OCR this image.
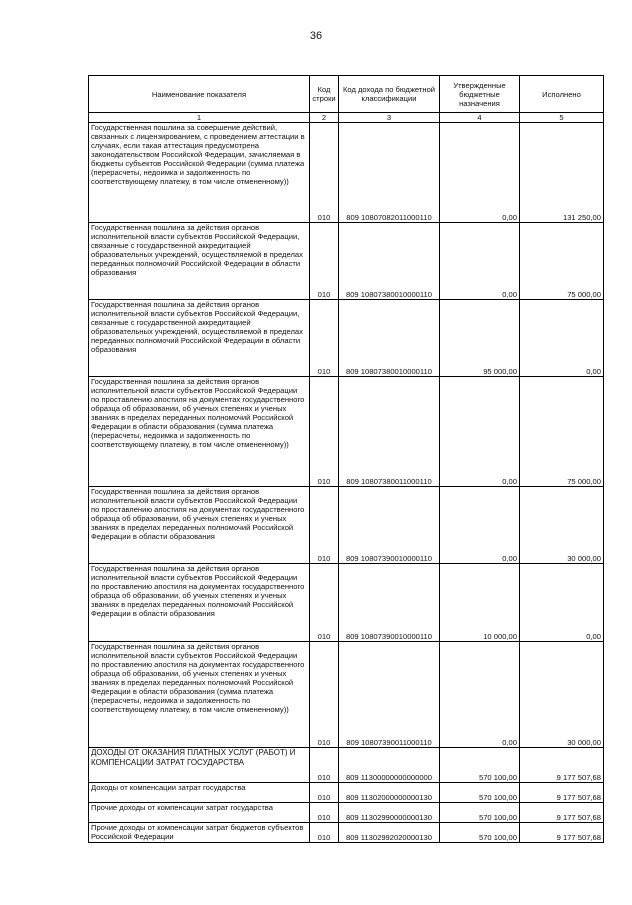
36
Наименование показателя	Код строки	Код дохода по бюджетной классификации	Утвержденные бюджетные назначения	Исполнено
1	2	3	4	5
Государственная пошлина за совершение действий, связанных с лицензированием, с проведением аттестации в случаях, если такая аттестация предусмотрена законодательством Российской Федерации, зачисляемая в бюджеты субъектов Российской Федерации (сумма платежа (перерасчеты, недоимка и задолженность по соответствующему платежу, в том числе отмененному))	010	809 10807082011000110	0,00	131 250,00
Государственная пошлина за действия органов исполнительной власти субъектов Российской Федерации, связанные с государственной аккредитацией образовательных учреждений, осуществляемой в пределах переданных полномочий Российской Федерации в области образования	010	809 10807380010000110	0,00	75 000,00
Государственная пошлина за действия органов исполнительной власти субъектов Российской Федерации, связанные с государственной аккредитацией образовательных учреждений, осуществляемой в пределах переданных полномочий Российской Федерации в области образования	010	809 10807380010000110	95 000,00	0,00
Государственная пошлина за действия органов исполнительной власти субъектов Российской Федерации по проставлению апостиля на документах государственного образца об образовании, об ученых степенях и ученых званиях в пределах переданных полномочий Российской Федерации в области образования (сумма платежа (перерасчеты, недоимка и задолженность по соответствующему платежу, в том числе отмененному))	010	809 10807380011000110	0,00	75 000,00
Государственная пошлина за действия органов исполнительной власти субъектов Российской Федерации по проставлению апостиля на документах государственного образца об образовании, об ученых степенях и ученых званиях в пределах переданных полномочий Российской Федерации в области образования	010	809 10807390010000110	0,00	30 000,00
Государственная пошлина за действия органов исполнительной власти субъектов Российской Федерации по проставлению апостиля на документах государственного образца об образовании, об ученых степенях и ученых званиях в пределах переданных полномочий Российской Федерации в области образования	010	809 10807390010000110	10 000,00	0,00
Государственная пошлина за действия органов исполнительной власти субъектов Российской Федерации по проставлению апостиля на документах государственного образца об образовании, об ученых степенях и ученых званиях в пределах переданных полномочий Российской Федерации в области образования (сумма платежа (перерасчеты, недоимка и задолженность по соответствующему платежу, в том числе отмененному))	010	809 10807390011000110	0,00	30 000,00
ДОХОДЫ ОТ ОКАЗАНИЯ ПЛАТНЫХ УСЛУГ (РАБОТ) И КОМПЕНСАЦИИ ЗАТРАТ ГОСУДАРСТВА	010	809 11300000000000000	570 100,00	9 177 507,68
Доходы от компенсации затрат государства	010	809 11302000000000130	570 100,00	9 177 507,68
Прочие доходы от компенсации затрат государства	010	809 11302990000000130	570 100,00	9 177 507,68
Прочие доходы от компенсации затрат бюджетов субъектов Российской Федерации	010	809 11302992020000130	570 100,00	9 177 507,68
